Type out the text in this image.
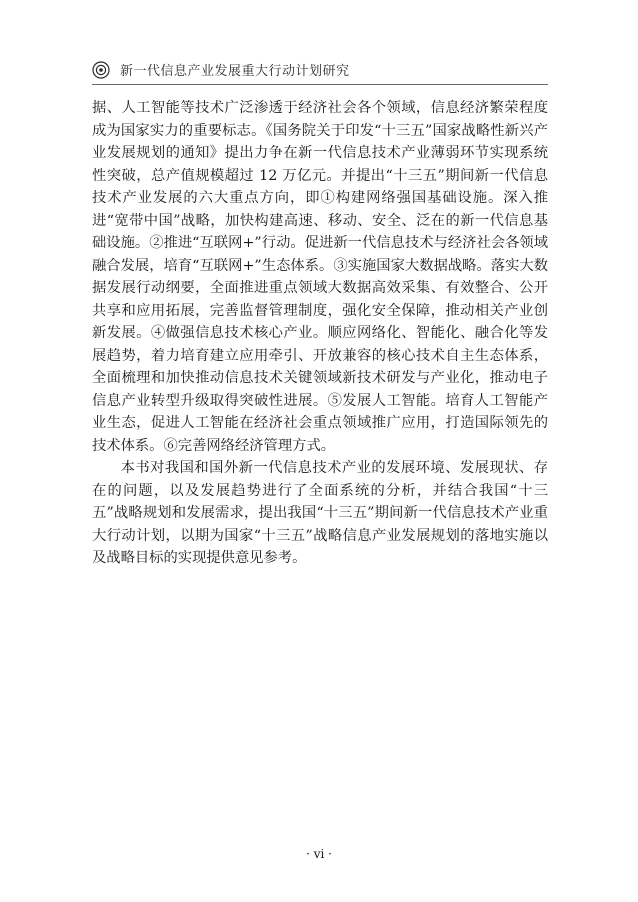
新一代信息产业发展重大行动计划研究

据、人工智能等技术广泛渗透于经济社会各个领域，信息经济繁荣程度成为国家实力的重要标志。《国务院关于印发“十三五”国家战略性新兴产业发展规划的通知》提出力争在新一代信息技术产业薄弱环节实现系统性突破，总产值规模超过 12 万亿元。并提出“十三五”期间新一代信息技术产业发展的六大重点方向，即①构建网络强国基础设施。深入推进“宽带中国”战略，加快构建高速、移动、安全、泛在的新一代信息基础设施。②推进“互联网+”行动。促进新一代信息技术与经济社会各领域融合发展，培育“互联网+”生态体系。③实施国家大数据战略。落实大数据发展行动纲要，全面推进重点领域大数据高效采集、有效整合、公开共享和应用拓展，完善监督管理制度，强化安全保障，推动相关产业创新发展。④做强信息技术核心产业。顺应网络化、智能化、融合化等发展趋势，着力培育建立应用牵引、开放兼容的核心技术自主生态体系，全面梳理和加快推动信息技术关键领域新技术研发与产业化，推动电子信息产业转型升级取得突破性进展。⑤发展人工智能。培育人工智能产业生态，促进人工智能在经济社会重点领域推广应用，打造国际领先的技术体系。⑥完善网络经济管理方式。

本书对我国和国外新一代信息技术产业的发展环境、发展现状、存在的问题，以及发展趋势进行了全面系统的分析，并结合我国“十三五”战略规划和发展需求，提出我国“十三五”期间新一代信息技术产业重大行动计划，以期为国家“十三五”战略信息产业发展规划的落地实施以及战略目标的实现提供意见参考。

· vi ·
